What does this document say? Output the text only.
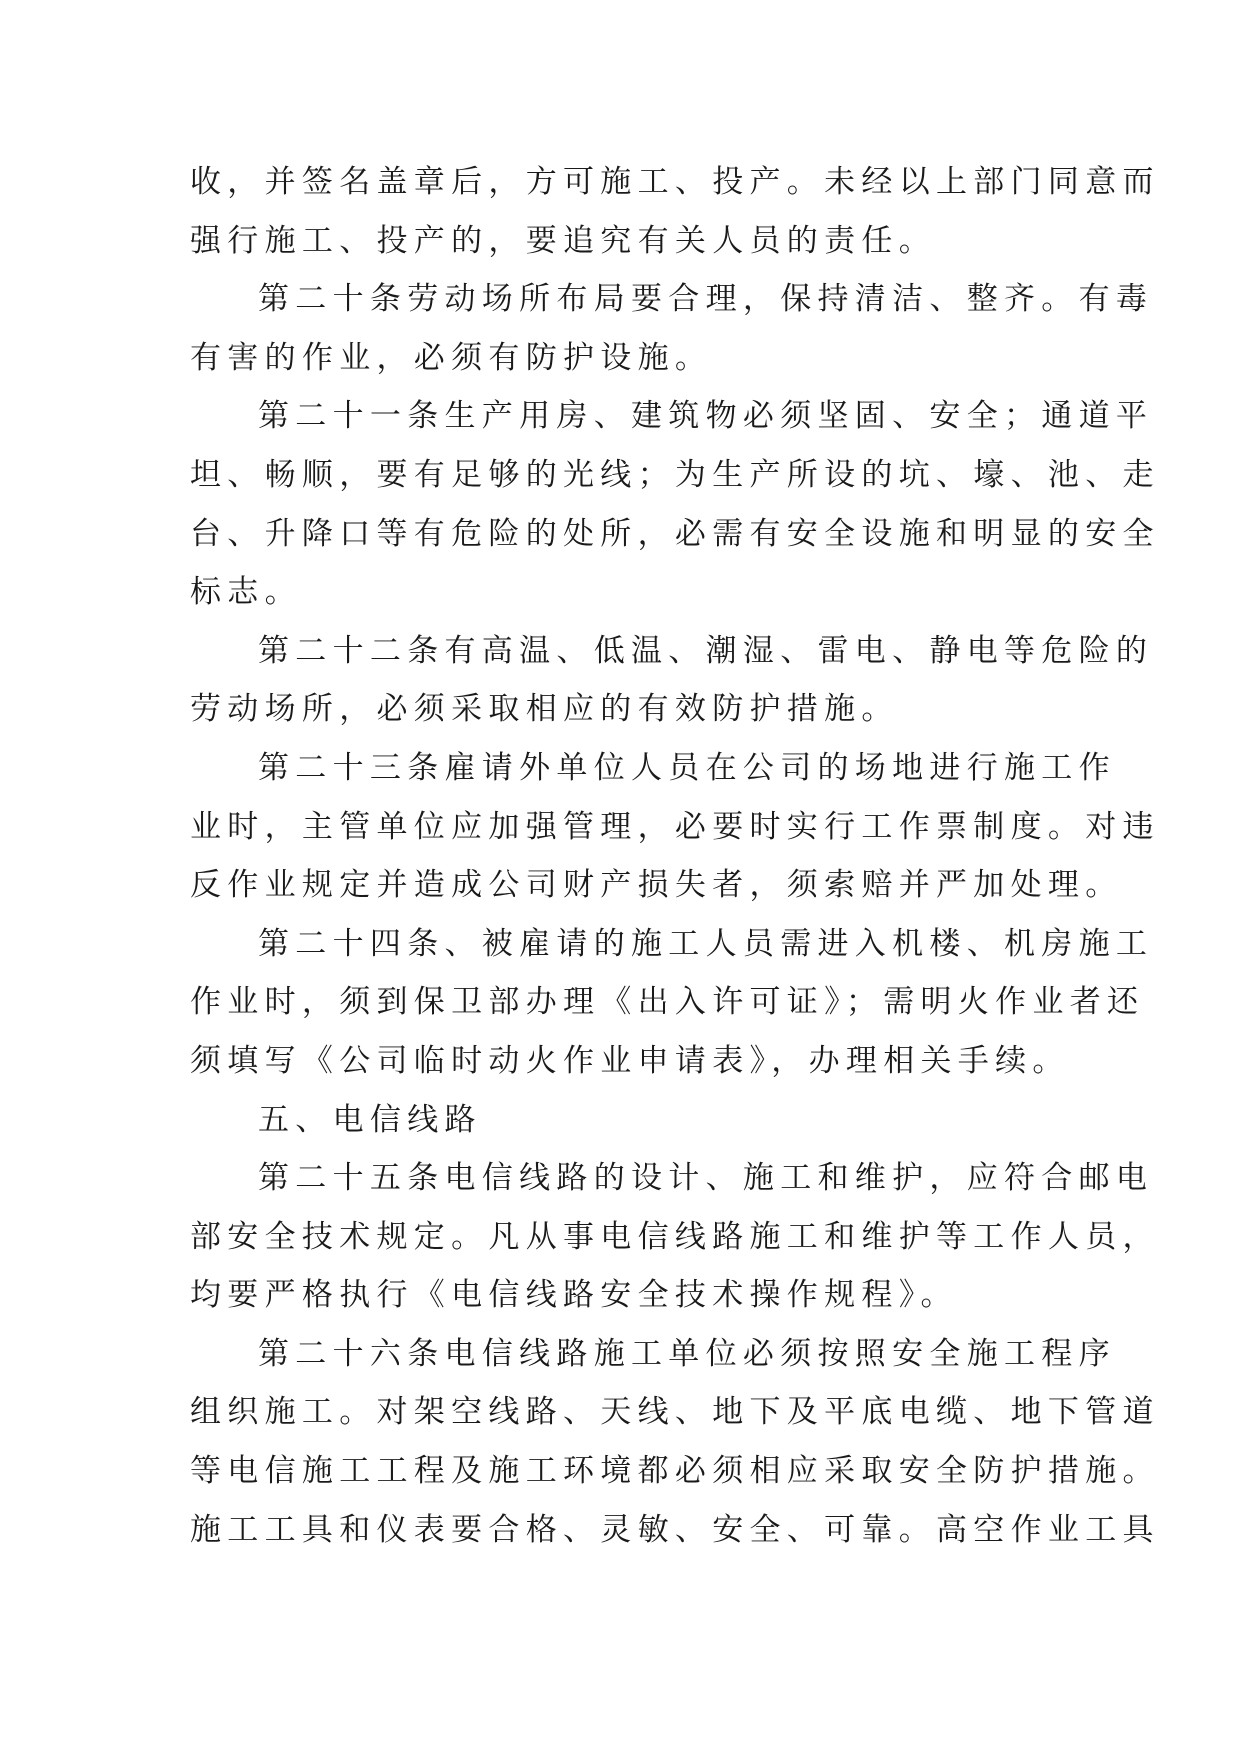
收，并签名盖章后，方可施工、投产。未经以上部门同意而
强行施工、投产的，要追究有关人员的责任。
第二十条劳动场所布局要合理，保持清洁、整齐。有毒
有害的作业，必须有防护设施。
第二十一条生产用房、建筑物必须坚固、安全；通道平
坦、畅顺，要有足够的光线；为生产所设的坑、壕、池、走
台、升降口等有危险的处所，必需有安全设施和明显的安全
标志。
第二十二条有高温、低温、潮湿、雷电、静电等危险的
劳动场所，必须采取相应的有效防护措施。
第二十三条雇请外单位人员在公司的场地进行施工作
业时，主管单位应加强管理，必要时实行工作票制度。对违
反作业规定并造成公司财产损失者，须索赔并严加处理。
第二十四条、被雇请的施工人员需进入机楼、机房施工
作业时，须到保卫部办理《出入许可证》；需明火作业者还
须填写《公司临时动火作业申请表》，办理相关手续。
五、电信线路
第二十五条电信线路的设计、施工和维护，应符合邮电
部安全技术规定。凡从事电信线路施工和维护等工作人员，
均要严格执行《电信线路安全技术操作规程》。
第二十六条电信线路施工单位必须按照安全施工程序
组织施工。对架空线路、天线、地下及平底电缆、地下管道
等电信施工工程及施工环境都必须相应采取安全防护措施。
施工工具和仪表要合格、灵敏、安全、可靠。高空作业工具
